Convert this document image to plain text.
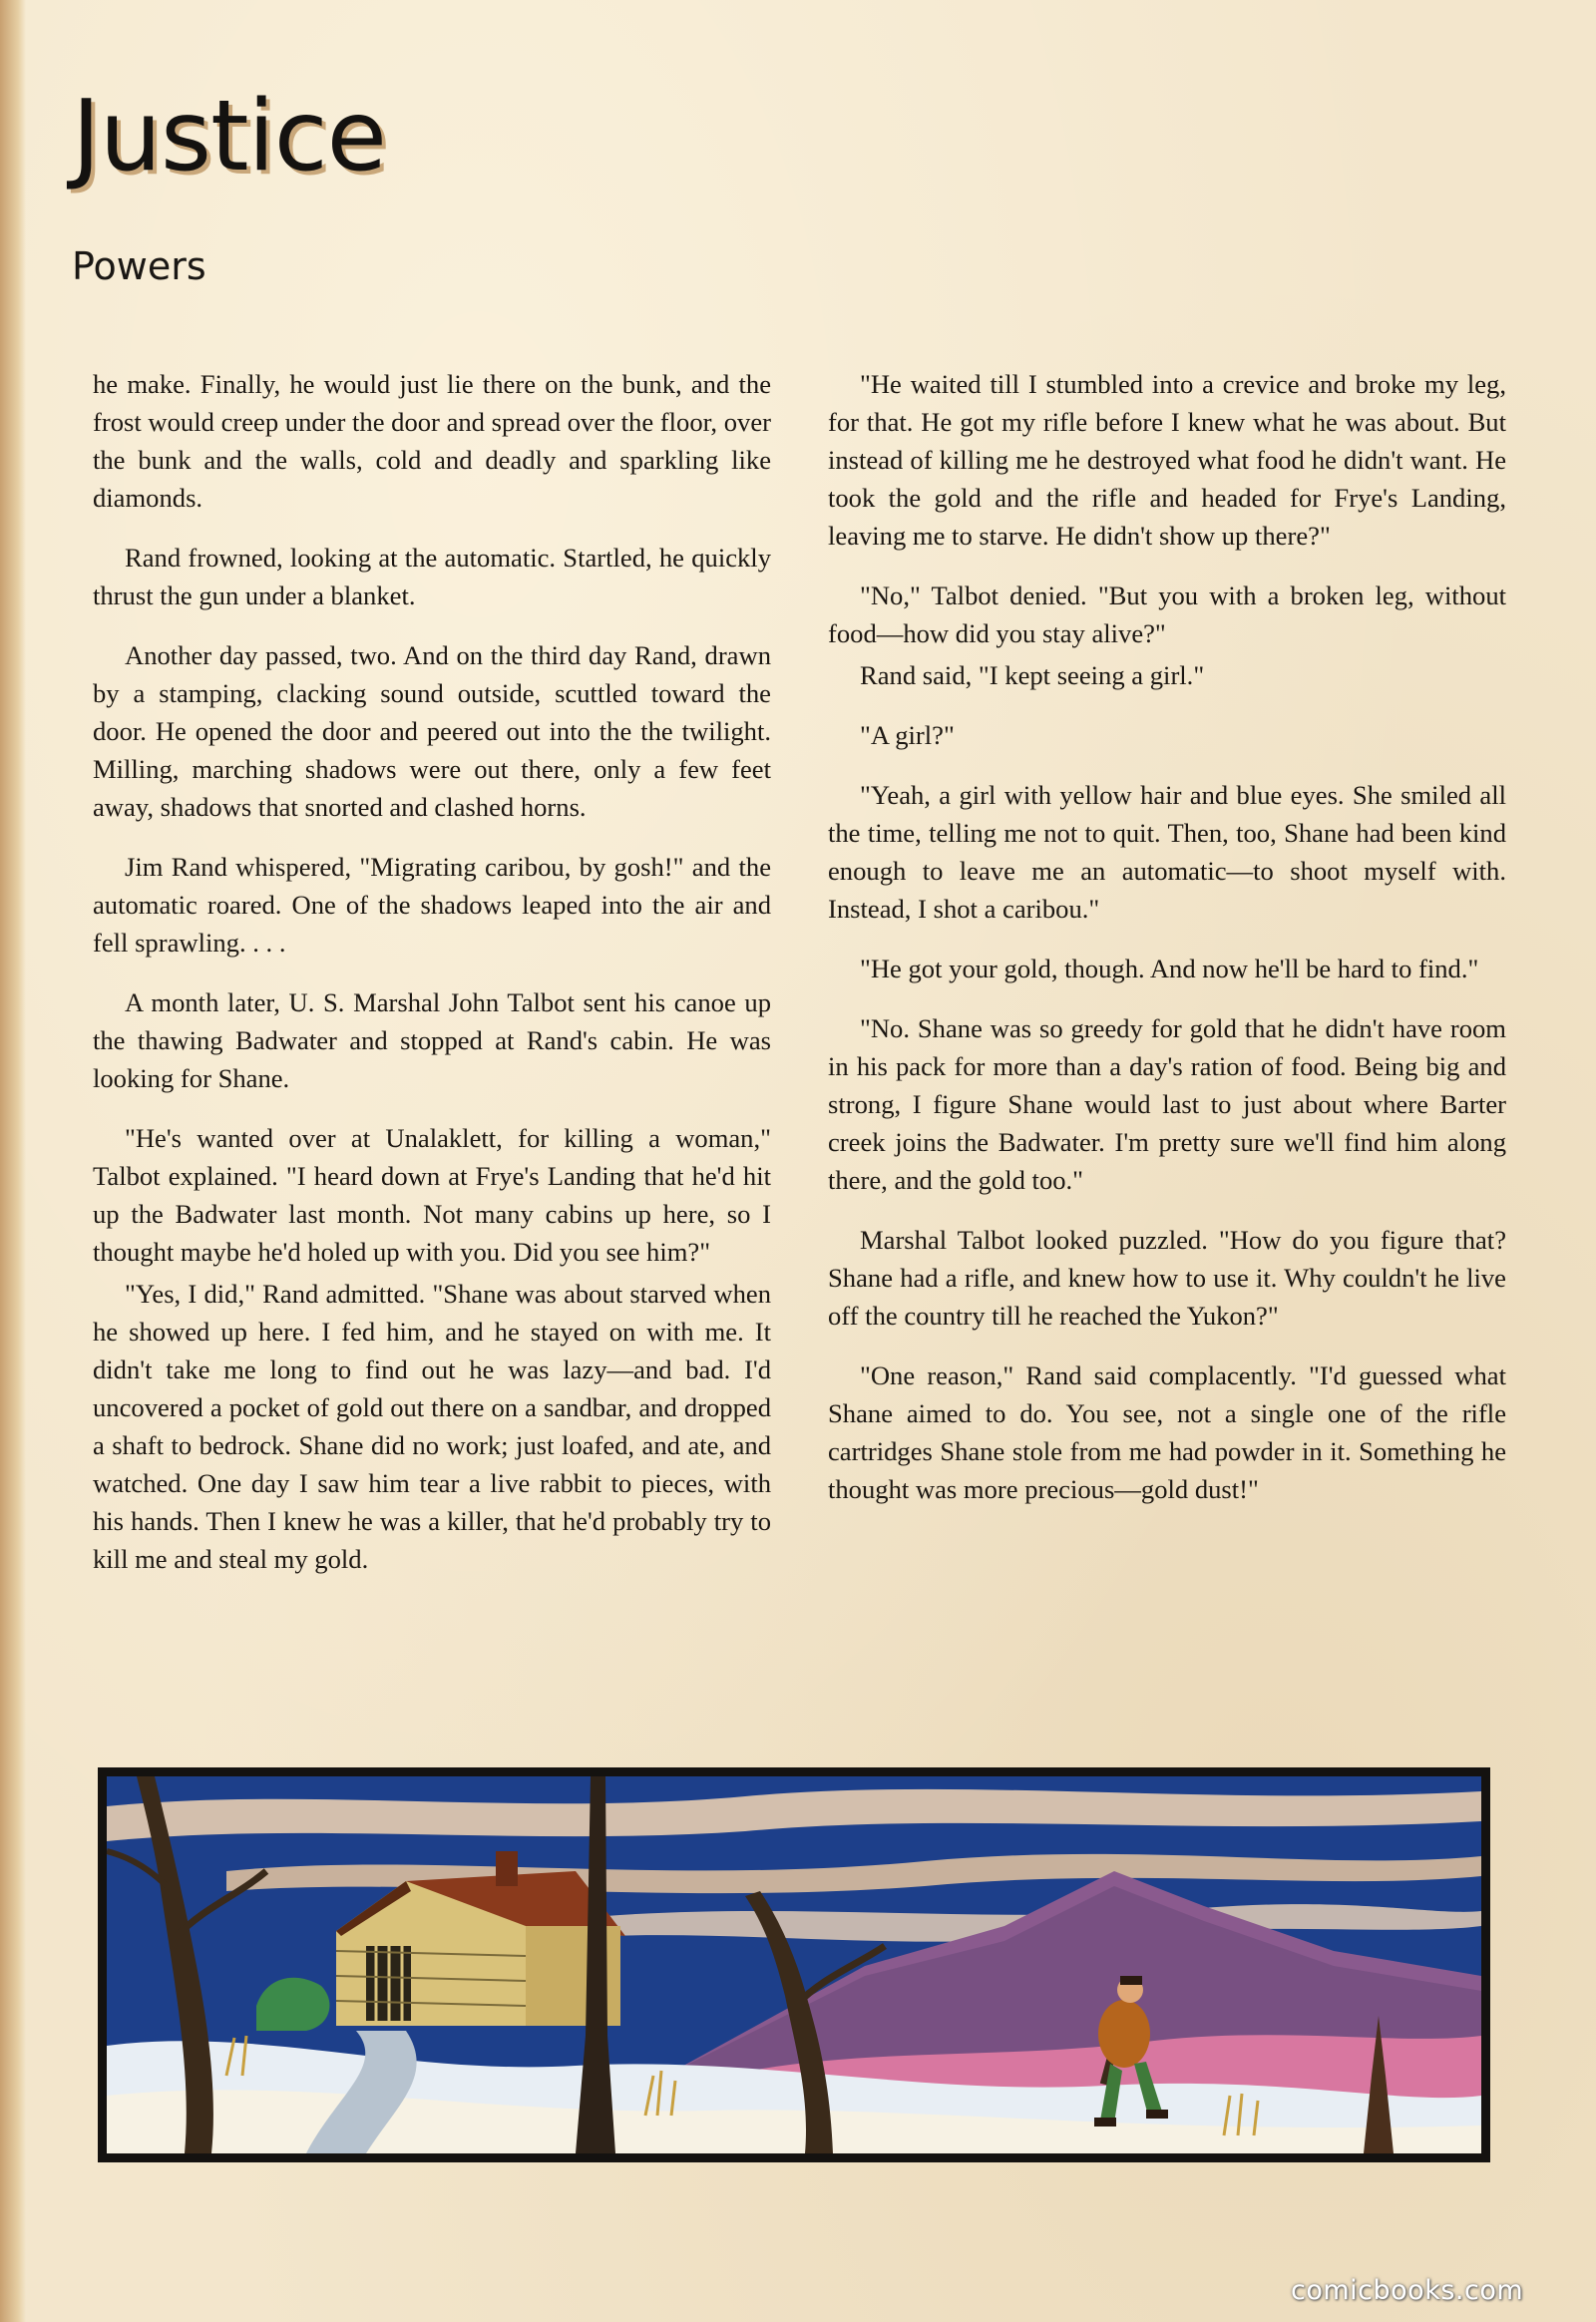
Justice
Powers

he make. Finally, he would just lie there on the bunk, and the frost would creep under the door and spread over the floor, over the bunk and the walls, cold and deadly and sparkling like diamonds.

Rand frowned, looking at the automatic. Startled, he quickly thrust the gun under a blanket.

Another day passed, two. And on the third day Rand, drawn by a stamping, clacking sound outside, scuttled toward the door. He opened the door and peered out into the the twilight. Milling, marching shadows were out there, only a few feet away, shadows that snorted and clashed horns.

Jim Rand whispered, "Migrating caribou, by gosh!" and the automatic roared. One of the shadows leaped into the air and fell sprawling. . . .

A month later, U. S. Marshal John Talbot sent his canoe up the thawing Badwater and stopped at Rand's cabin. He was looking for Shane.

"He's wanted over at Unalaklett, for killing a woman," Talbot explained. "I heard down at Frye's Landing that he'd hit up the Badwater last month. Not many cabins up here, so I thought maybe he'd holed up with you. Did you see him?"

"Yes, I did," Rand admitted. "Shane was about starved when he showed up here. I fed him, and he stayed on with me. It didn't take me long to find out he was lazy—and bad. I'd uncovered a pocket of gold out there on a sandbar, and dropped a shaft to bedrock. Shane did no work; just loafed, and ate, and watched. One day I saw him tear a live rabbit to pieces, with his hands. Then I knew he was a killer, that he'd probably try to kill me and steal my gold.

"He waited till I stumbled into a crevice and broke my leg, for that. He got my rifle before I knew what he was about. But instead of killing me he destroyed what food he didn't want. He took the gold and the rifle and headed for Frye's Landing, leaving me to starve. He didn't show up there?"

"No," Talbot denied. "But you with a broken leg, without food—how did you stay alive?"

Rand said, "I kept seeing a girl."

"A girl?"

"Yeah, a girl with yellow hair and blue eyes. She smiled all the time, telling me not to quit. Then, too, Shane had been kind enough to leave me an automatic—to shoot myself with. Instead, I shot a caribou."

"He got your gold, though. And now he'll be hard to find."

"No. Shane was so greedy for gold that he didn't have room in his pack for more than a day's ration of food. Being big and strong, I figure Shane would last to just about where Barter creek joins the Badwater. I'm pretty sure we'll find him along there, and the gold too."

Marshal Talbot looked puzzled. "How do you figure that? Shane had a rifle, and knew how to use it. Why couldn't he live off the country till he reached the Yukon?"

"One reason," Rand said complacently. "I'd guessed what Shane aimed to do. You see, not a single one of the rifle cartridges Shane stole from me had powder in it. Something he thought was more precious—gold dust!"

comicbooks.com
